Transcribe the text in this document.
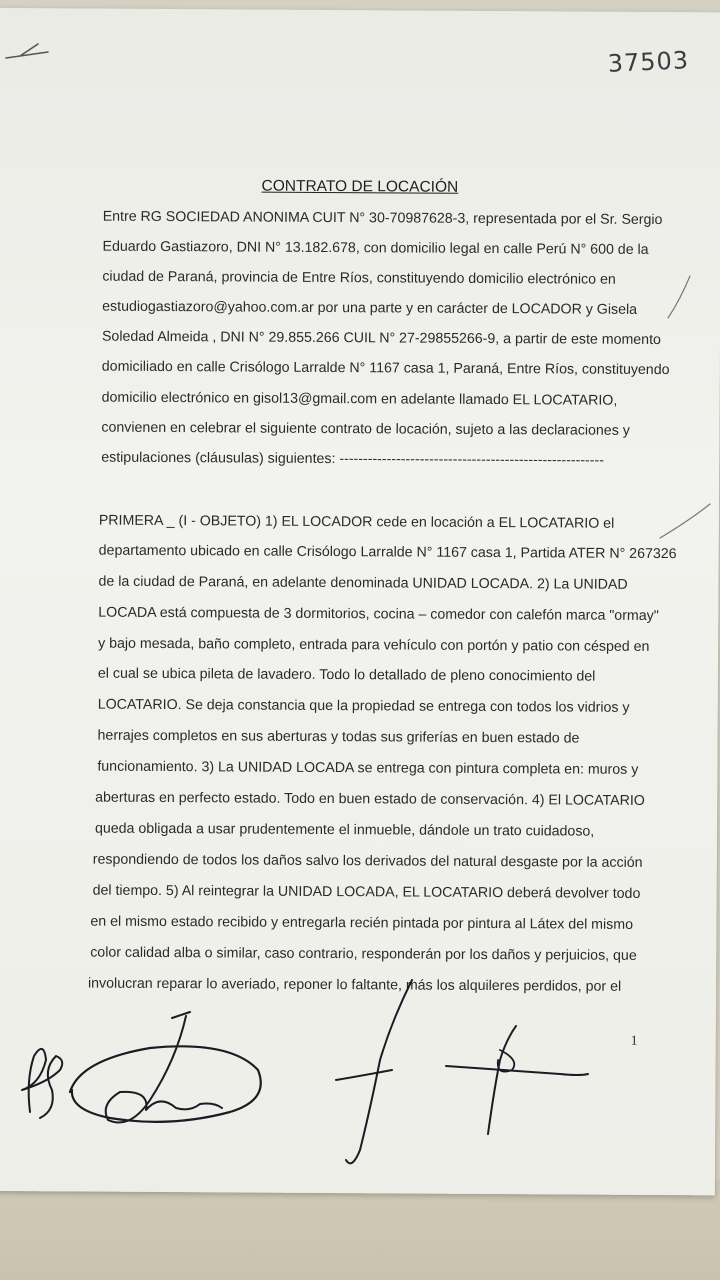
37503
CONTRATO DE LOCACIÓN
Entre RG SOCIEDAD ANONIMA CUIT N° 30-70987628-3, representada por el Sr. Sergio
Eduardo Gastiazoro, DNI N° 13.182.678, con domicilio legal en calle Perú N° 600 de la
ciudad de Paraná, provincia de Entre Ríos, constituyendo domicilio electrónico en
estudiogastiazoro@yahoo.com.ar por una parte y en carácter de LOCADOR y Gisela
Soledad Almeida , DNI N° 29.855.266 CUIL N° 27-29855266-9, a partir de este momento
domiciliado en calle Crisólogo Larralde N° 1167 casa 1, Paraná, Entre Ríos, constituyendo
domicilio electrónico en gisol13@gmail.com en adelante llamado EL LOCATARIO,
convienen en celebrar el siguiente contrato de locación, sujeto a las declaraciones y
estipulaciones (cláusulas) siguientes: --------------------------------------------------------
PRIMERA _ (I - OBJETO) 1) EL LOCADOR cede en locación a EL LOCATARIO el
departamento ubicado en calle Crisólogo Larralde N° 1167 casa 1, Partida ATER N° 267326
de la ciudad de Paraná, en adelante denominada UNIDAD LOCADA. 2) La UNIDAD
LOCADA está compuesta de 3 dormitorios, cocina – comedor con calefón marca "ormay"
y bajo mesada, baño completo, entrada para vehículo con portón y patio con césped en
el cual se ubica pileta de lavadero. Todo lo detallado de pleno conocimiento del
LOCATARIO. Se deja constancia que la propiedad se entrega con todos los vidrios y
herrajes completos en sus aberturas y todas sus griferías en buen estado de
funcionamiento. 3) La UNIDAD LOCADA se entrega con pintura completa en: muros y
aberturas en perfecto estado. Todo en buen estado de conservación. 4) El LOCATARIO
queda obligada a usar prudentemente el inmueble, dándole un trato cuidadoso,
respondiendo de todos los daños salvo los derivados del natural desgaste por la acción
del tiempo. 5) Al reintegrar la UNIDAD LOCADA, EL LOCATARIO deberá devolver todo
en el mismo estado recibido y entregarla recién pintada por pintura al Látex del mismo
color calidad alba o similar, caso contrario, responderán por los daños y perjuicios, que
involucran reparar lo averiado, reponer lo faltante, más los alquileres perdidos, por el
1
